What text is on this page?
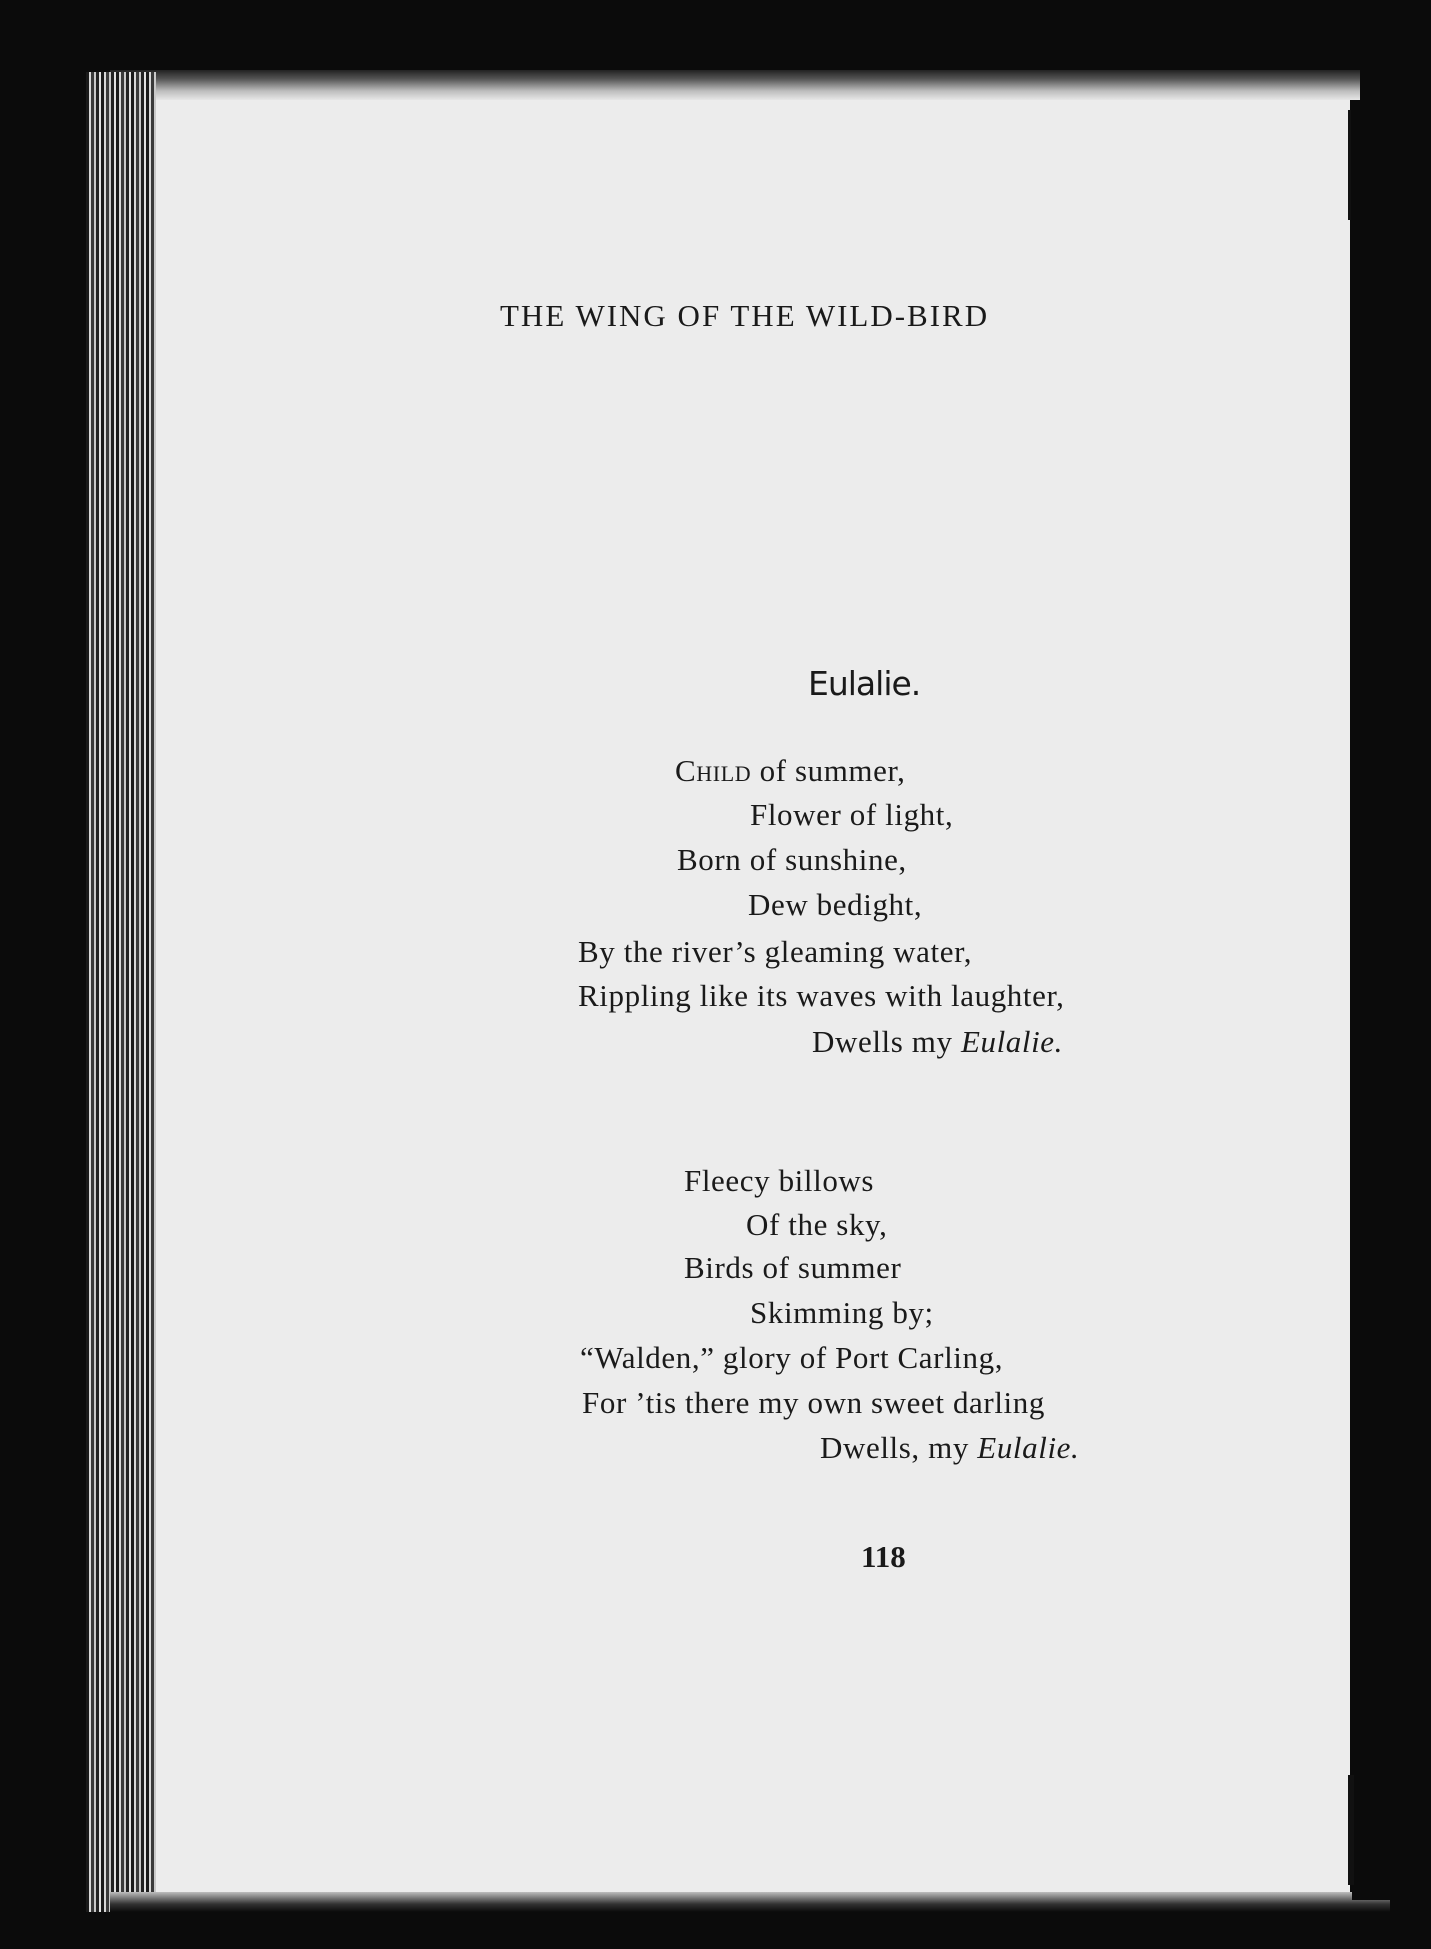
THE WING OF THE WILD-BIRD
Eulalie.
Child of summer,
Flower of light,
Born of sunshine,
Dew bedight,
By the river’s gleaming water,
Rippling like its waves with laughter,
Dwells my Eulalie.
Fleecy billows
Of the sky,
Birds of summer
Skimming by;
“Walden,” glory of Port Carling,
For ’tis there my own sweet darling
Dwells, my Eulalie.
118
